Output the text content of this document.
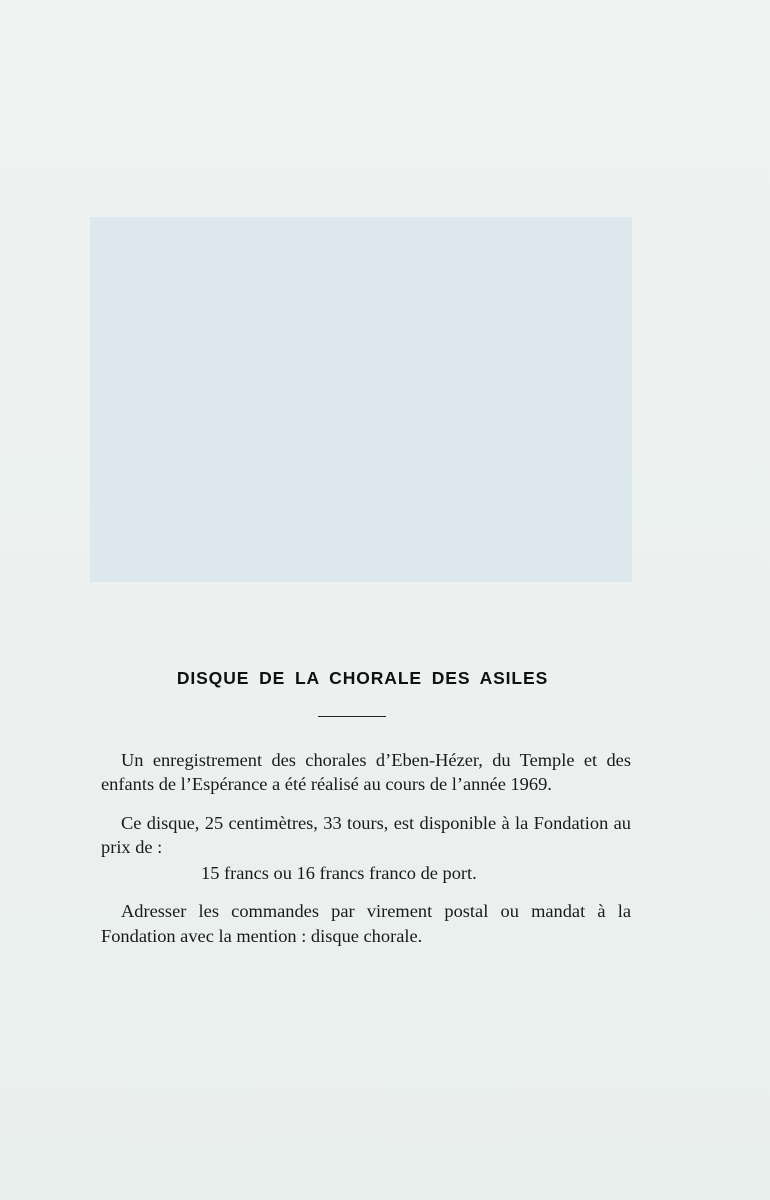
DISQUE DE LA CHORALE DES ASILES

Un enregistrement des chorales d’Eben-Hézer, du Temple et des enfants de l’Espérance a été réalisé au cours de l’année 1969.

Ce disque, 25 centimètres, 33 tours, est disponible à la Fondation au prix de :

15 francs ou 16 francs franco de port.

Adresser les commandes par virement postal ou mandat à la Fondation avec la mention : disque chorale.
